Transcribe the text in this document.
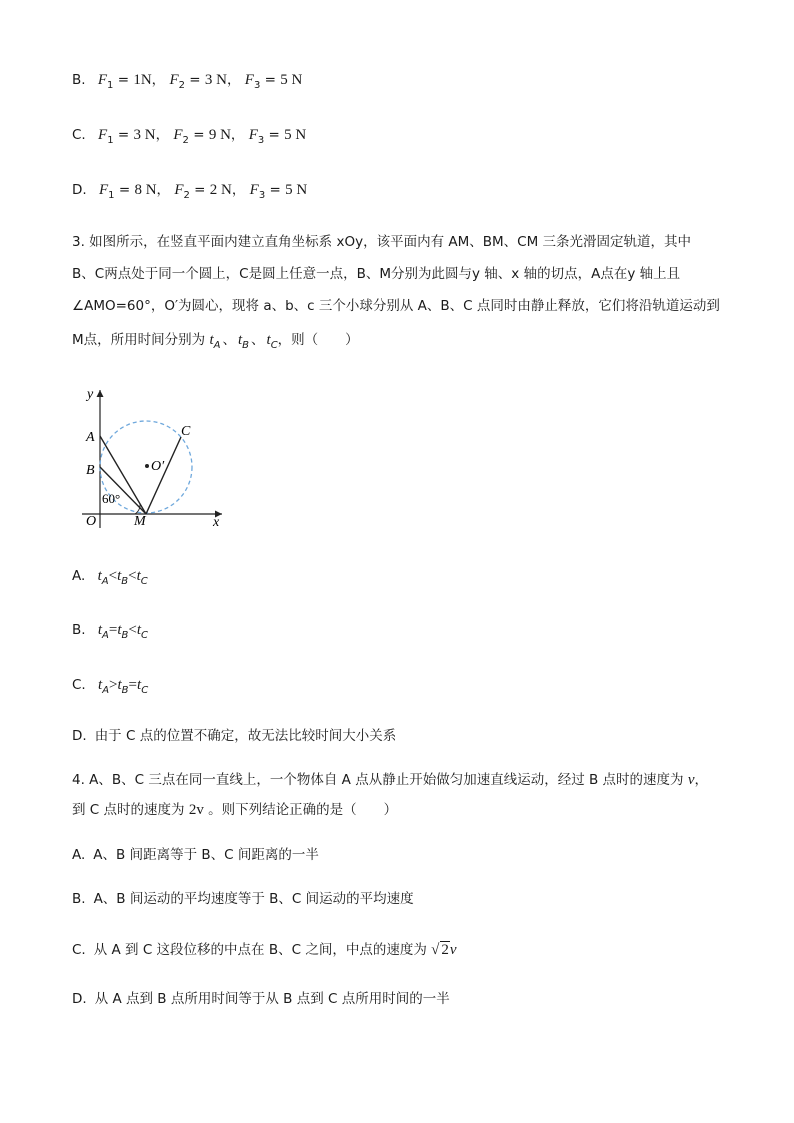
B. $F_1 = 1N$， $F_2 = 3$ N， $F_3 = 5$ N
C. $F_1 = 3$ N， $F_2 = 9$ N， $F_3 = 5$ N
D. $F_1 = 8$ N， $F_2 = 2$ N， $F_3 = 5$ N
3. 如图所示，在竖直平面内建立直角坐标系 xOy，该平面内有 AM、BM、CM 三条光滑固定轨道，其中
B、C两点处于同一个圆上，C是圆上任意一点，B、M分别为此圆与y 轴、x 轴的切点，A点在y 轴上且
∠AMO=60°，O′为圆心，现将 a、b、c 三个小球分别从 A、B、C 点同时由静止释放，它们将沿轨道运动到
M点，所用时间分别为 $t_A$ 、 $t_B$ 、 $t_C$，则（　　）
y
x
O
60°
O′
A
B
C
M
A. $t_A<t_B<t_C$
B. $t_A=t_B<t_C$
C. $t_A>t_B=t_C$
D. 由于 C 点的位置不确定，故无法比较时间大小关系
4. A、B、C 三点在同一直线上，一个物体自 A 点从静止开始做匀加速直线运动，经过 B 点时的速度为 v，
到 C 点时的速度为 2v 。则下列结论正确的是（　　）
A. A、B 间距离等于 B、C 间距离的一半
B. A、B 间运动的平均速度等于 B、C 间运动的平均速度
C. 从 A 到 C 这段位移的中点在 B、C 之间，中点的速度为 √ 2v
D. 从 A 点到 B 点所用时间等于从 B 点到 C 点所用时间的一半
